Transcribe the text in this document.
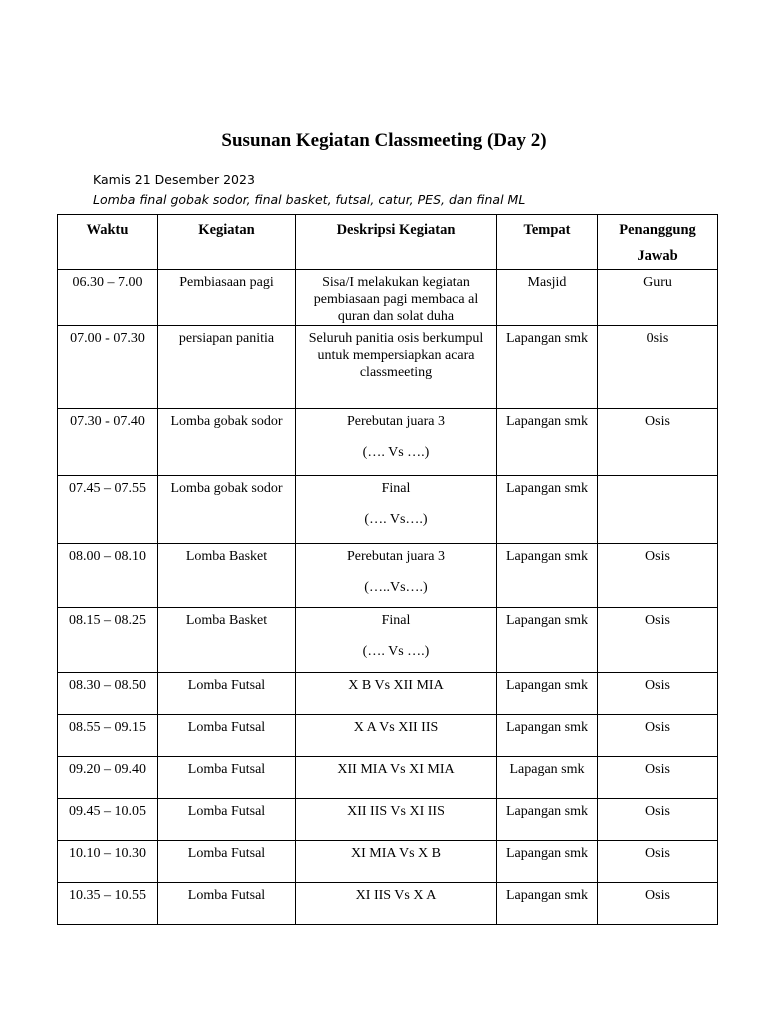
Susunan Kegiatan Classmeeting (Day 2)
Kamis 21 Desember 2023
Lomba final gobak sodor, final basket, futsal, catur, PES, dan final ML
Waktu	Kegiatan	Deskripsi Kegiatan	Tempat	Penanggung Jawab

06.30 – 7.00	Pembiasaan pagi	Sisa/I melakukan kegiatan pembiasaan pagi membaca al quran dan solat duha	Masjid	Guru

07.00 - 07.30	persiapan panitia	Seluruh panitia osis berkumpul untuk mempersiapkan acara classmeeting	Lapangan smk	0sis

07.30 - 07.40	Lomba gobak sodor	Perebutan juara 3
(…. Vs ….)	Lapangan smk	Osis

07.45 – 07.55	Lomba gobak sodor	Final
(…. Vs….)	Lapangan smk	

08.00 – 08.10	Lomba Basket	Perebutan juara 3
(…..Vs….)	Lapangan smk	Osis

08.15 – 08.25	Lomba Basket	Final
(…. Vs ….)	Lapangan smk	Osis

08.30 – 08.50	Lomba Futsal	X B Vs XII MIA	Lapangan smk	Osis

08.55 – 09.15	Lomba Futsal	X A Vs XII IIS	Lapangan smk	Osis

09.20 – 09.40	Lomba Futsal	XII MIA Vs XI MIA	Lapagan smk	Osis

09.45 – 10.05	Lomba Futsal	XII IIS Vs XI IIS	Lapangan smk	Osis

10.10 – 10.30	Lomba Futsal	XI MIA Vs X B	Lapangan smk	Osis

10.35 – 10.55	Lomba Futsal	XI IIS Vs X A	Lapangan smk	Osis
